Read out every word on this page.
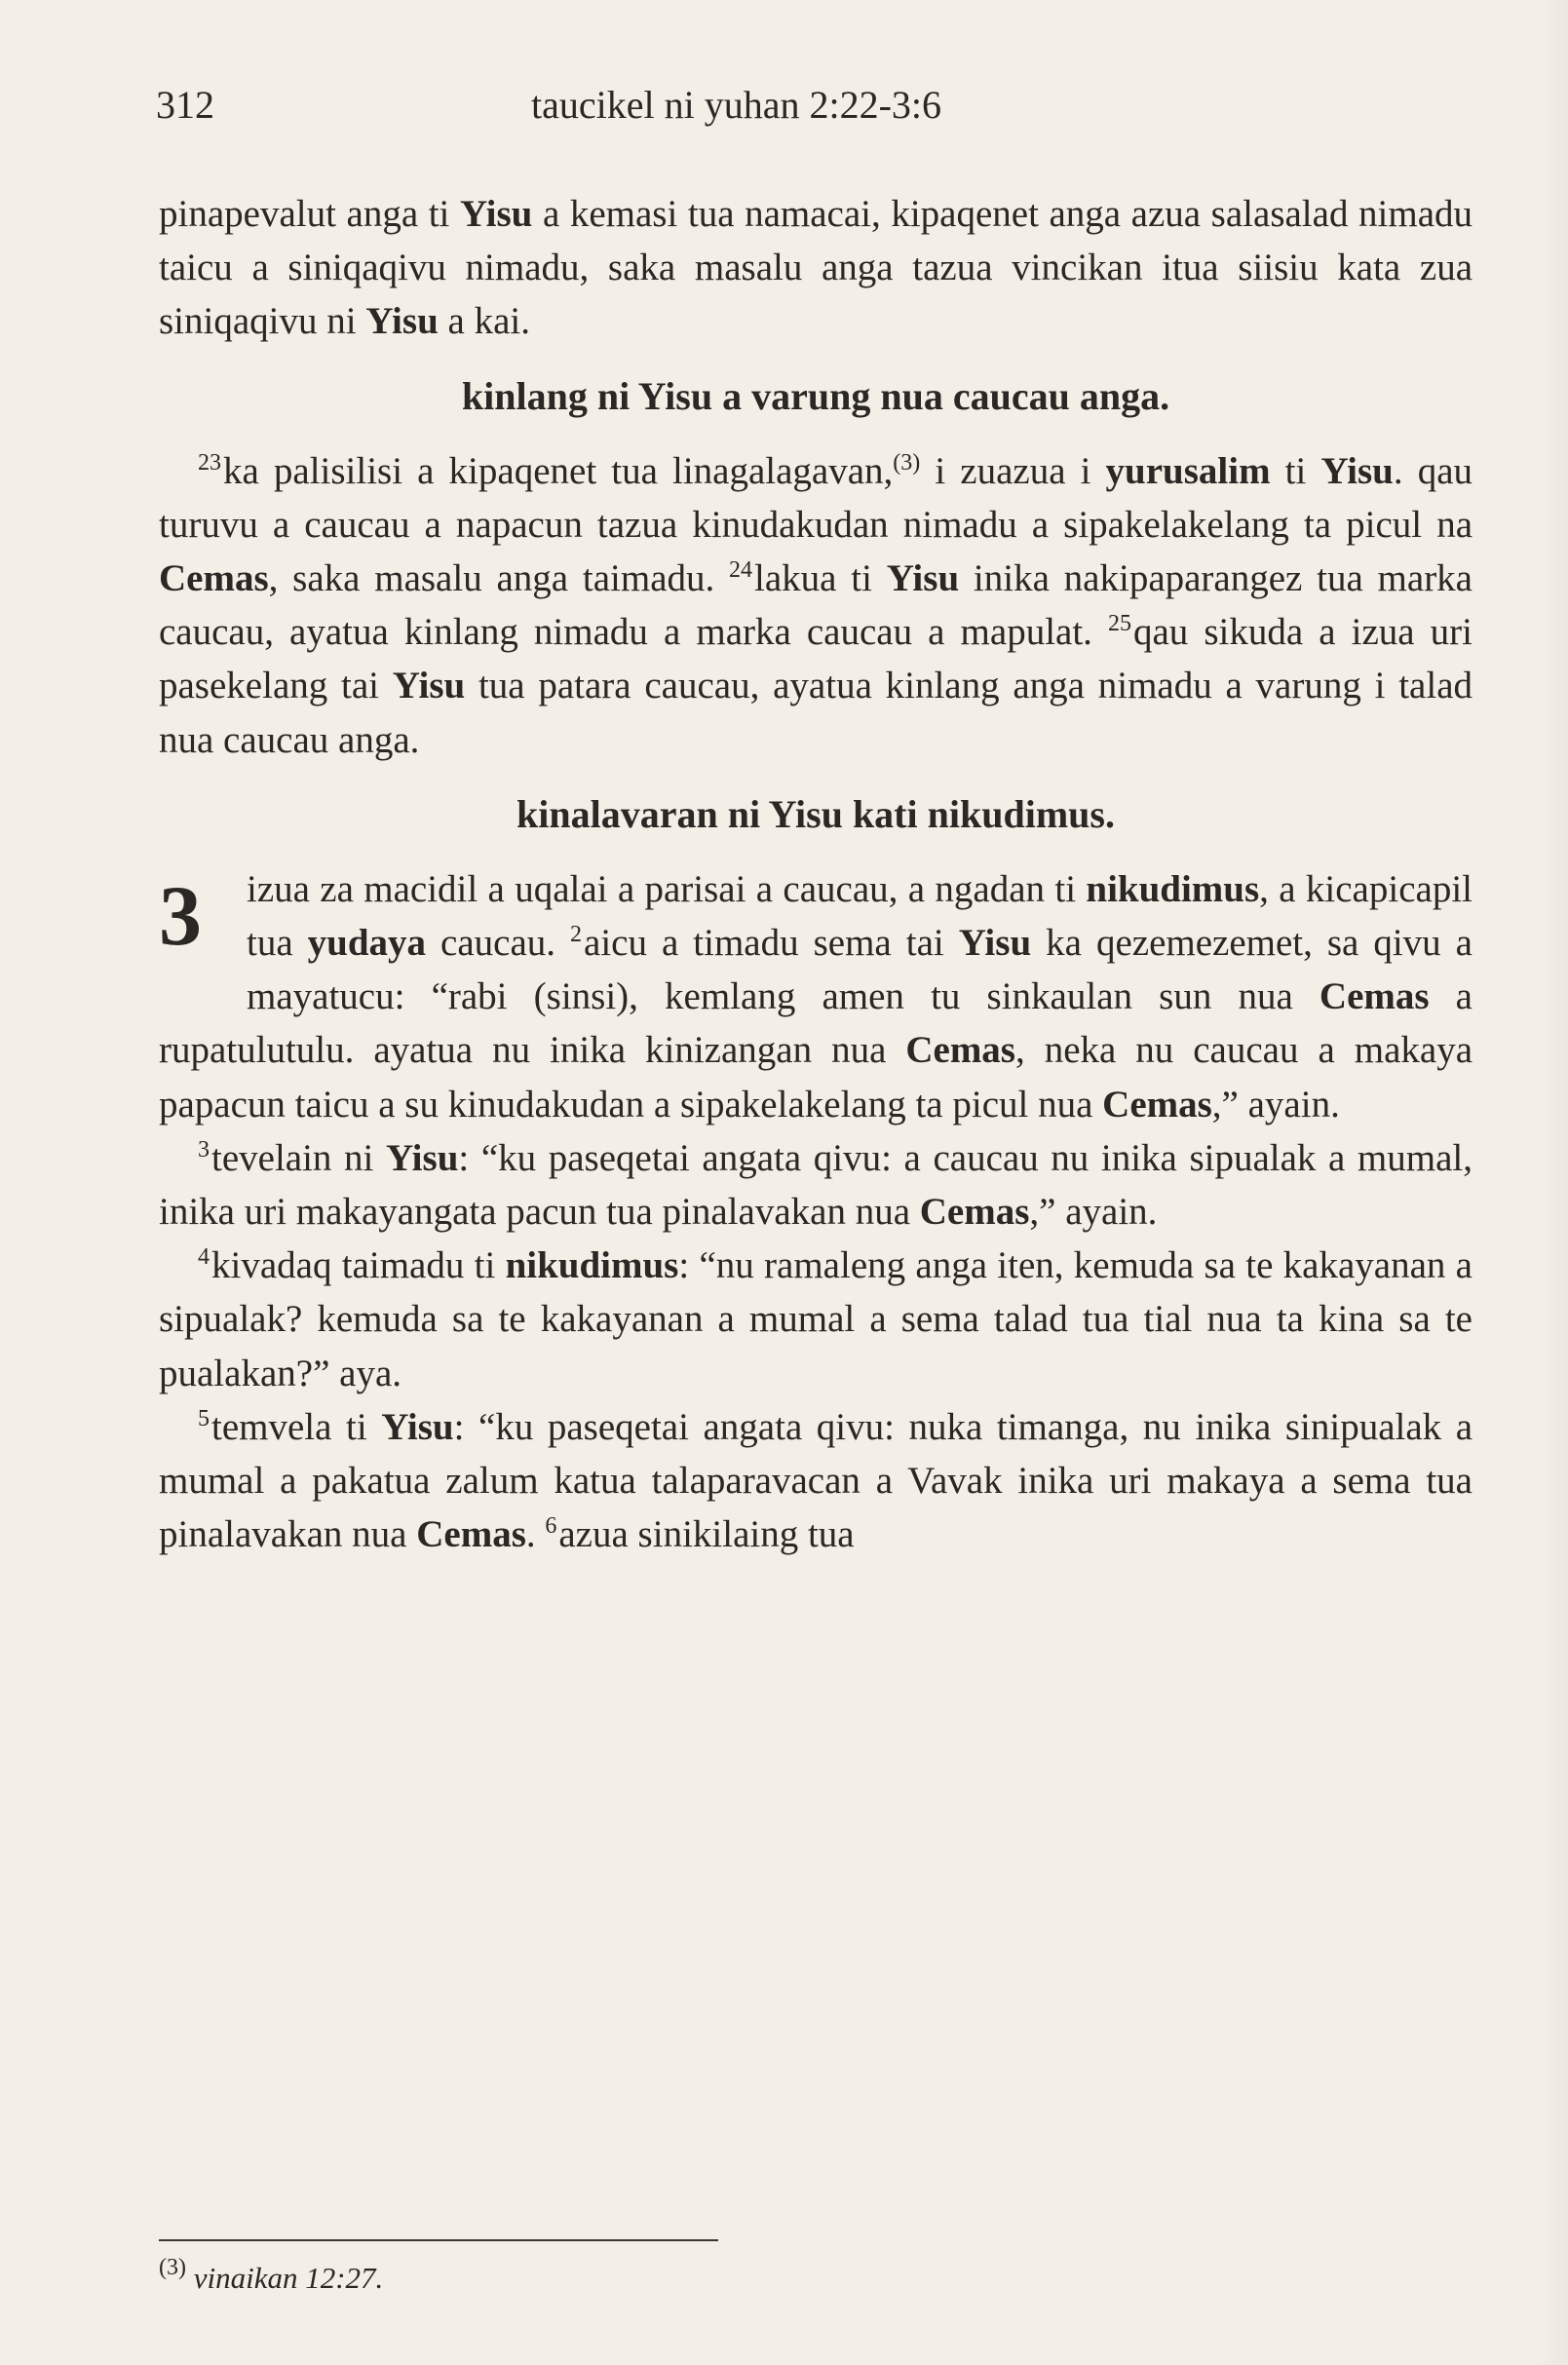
312	taucikel ni yuhan 2:22-3:6

pinapevalut anga ti Yisu a kemasi tua namacai, kipaqenet anga azua salasalad nimadu taicu a siniqaqivu nimadu, saka masalu anga tazua vincikan itua siisiu kata zua siniqaqivu ni Yisu a kai.

kinlang ni Yisu a varung nua caucau anga.

$^{23}$ka palisilisi a kipaqenet tua linagalagavan,$^{(3)}$ i zuazua i yurusalim ti Yisu. qau turuvu a caucau a napacun tazua kinudakudan nimadu a sipakelakelang ta picul na Cemas, saka masalu anga taimadu. $^{24}$lakua ti Yisu inika nakipaparangez tua marka caucau, ayatua kinlang nimadu a marka caucau a mapulat. $^{25}$qau sikuda a izua uri pasekelang tai Yisu tua patara caucau, ayatua kinlang anga nimadu a varung i talad nua caucau anga.

kinalavaran ni Yisu kati nikudimus.

3	izua za macidil a uqalai a parisai a caucau, a ngadan ti nikudimus, a kicapicapil tua yudaya caucau. $^2$aicu a timadu sema tai Yisu ka qezemezemet, sa qivu a mayatucu: “rabi (sinsi), kemlang amen tu sinkaulan sun nua Cemas a rupatulutulu. ayatua nu inika kinizangan nua Cemas, neka nu caucau a makaya papacun taicu a su kinudakudan a sipakelakelang ta picul nua Cemas,” ayain.

$^3$tevelain ni Yisu: “ku paseqetai angata qivu: a caucau nu inika sipualak a mumal, inika uri makayangata pacun tua pinalavakan nua Cemas,” ayain.

$^4$kivadaq taimadu ti nikudimus: “nu ramaleng anga iten, kemuda sa te kakayanan a sipualak? kemuda sa te kakayanan a mumal a sema talad tua tial nua ta kina sa te pualakan?” aya.

$^5$temvela ti Yisu: “ku paseqetai angata qivu: nuka timanga, nu inika sinipualak a mumal a pakatua zalum katua talaparavacan a Vavak inika uri makaya a sema tua pinalavakan nua Cemas. $^6$azua sinikilaing tua

$^{(3)}$ vinaikan 12:27.
